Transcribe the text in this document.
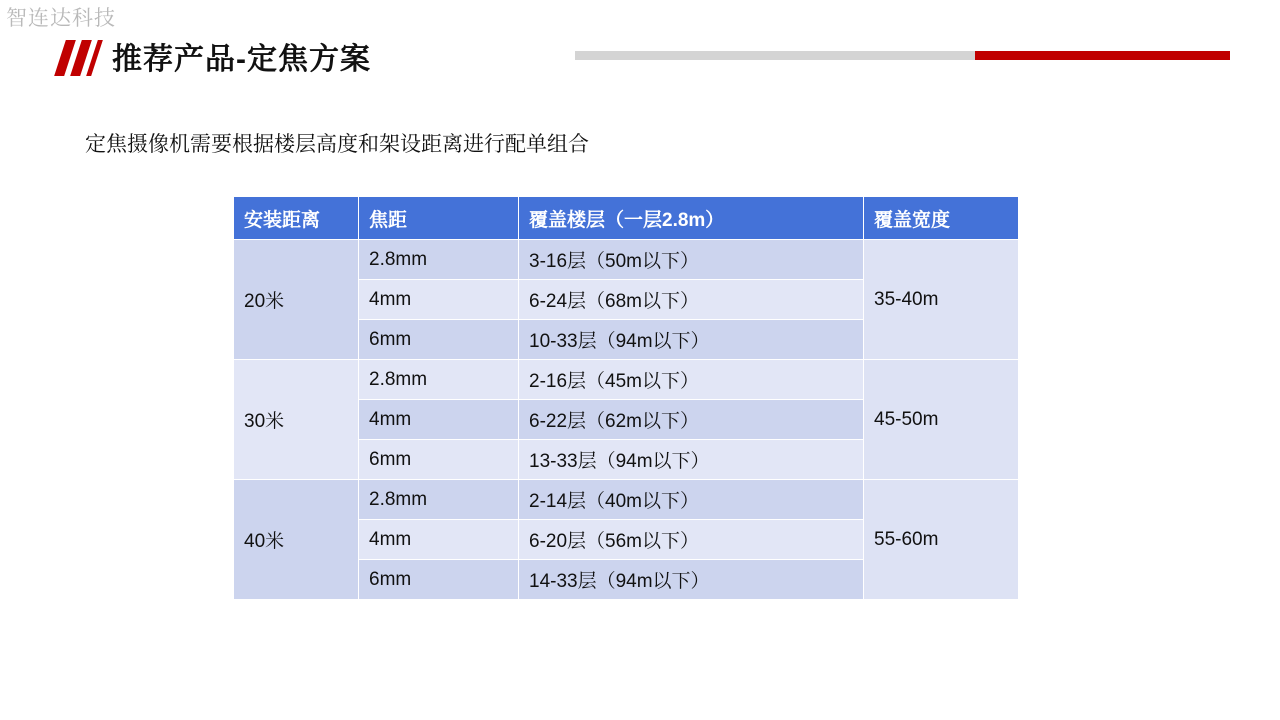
智连达科技
推荐产品-定焦方案
定焦摄像机需要根据楼层高度和架设距离进行配单组合
安装距离	焦距	覆盖楼层（一层2.8m）	覆盖宽度
20米	2.8mm	3-16层（50m以下）	35-40m
	4mm	6-24层（68m以下）	
	6mm	10-33层（94m以下）	
30米	2.8mm	2-16层（45m以下）	45-50m
	4mm	6-22层（62m以下）	
	6mm	13-33层（94m以下）	
40米	2.8mm	2-14层（40m以下）	55-60m
	4mm	6-20层（56m以下）	
	6mm	14-33层（94m以下）	
